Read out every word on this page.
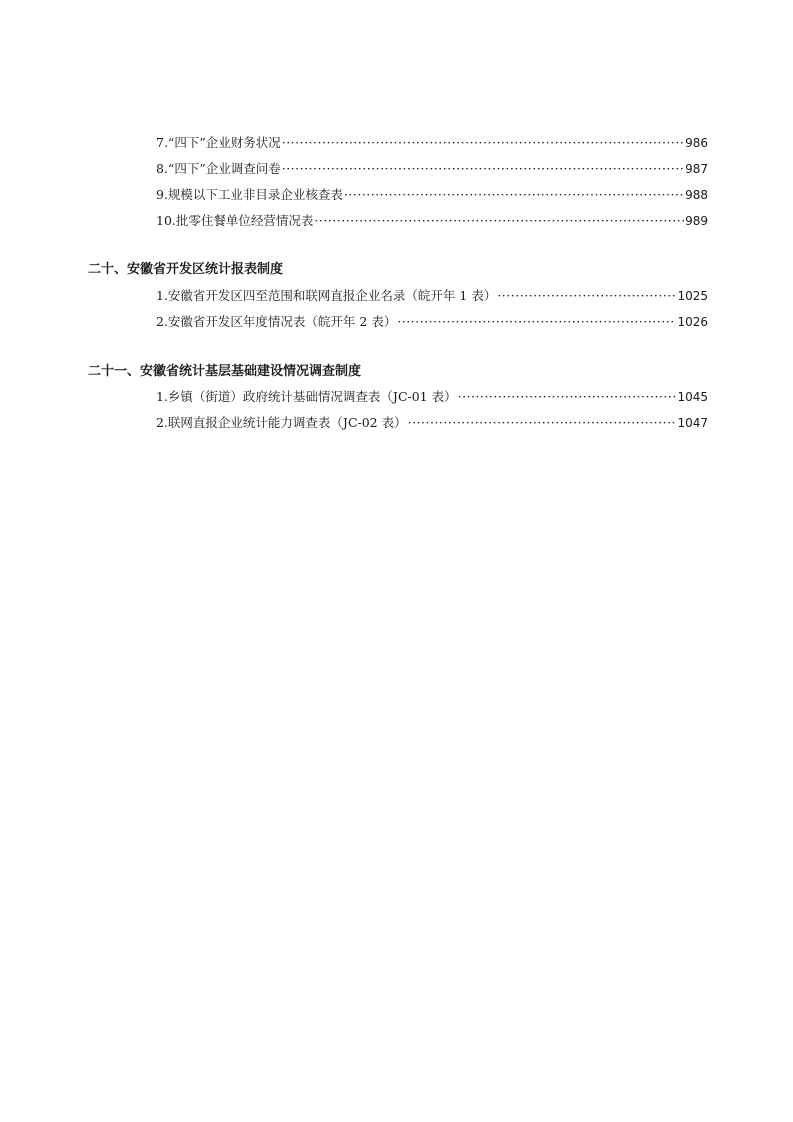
7.“四下”企业财务状况 ·····	986
8.“四下”企业调查问卷 ·····	987
9.规模以下工业非目录企业核查表 ·····	988
10.批零住餐单位经营情况表 ·····	989
二十、安徽省开发区统计报表制度
1.安徽省开发区四至范围和联网直报企业名录（皖开年 1 表） ·····	1025
2.安徽省开发区年度情况表（皖开年 2 表） ·····	1026
二十一、安徽省统计基层基础建设情况调查制度
1.乡镇（街道）政府统计基础情况调查表（JC-01 表） ·····	1045
2.联网直报企业统计能力调查表（JC-02 表） ·····	1047
